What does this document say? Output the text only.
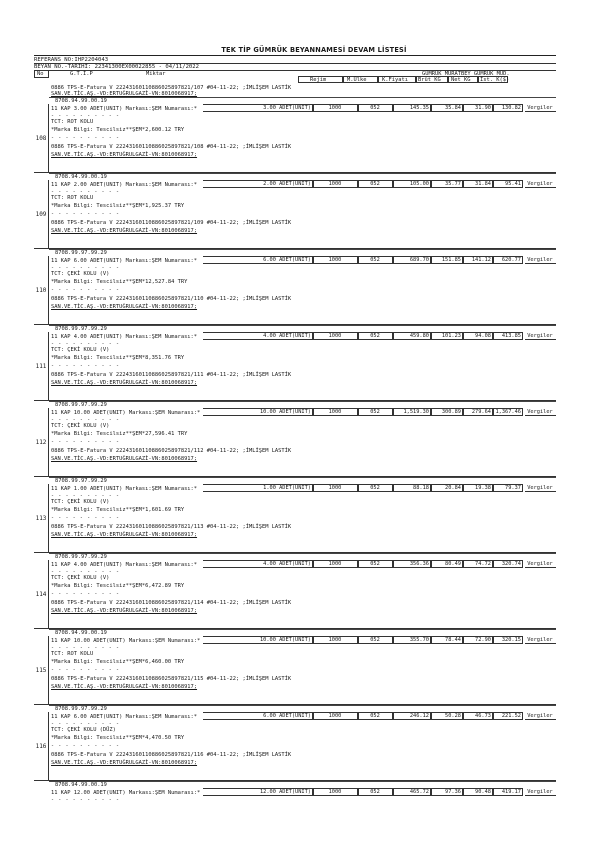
TEK TİP GÜMRÜK BEYANNAMESİ DEVAM LİSTESİ
REFERANS NO:IHP2204043
BEYAN NO.-TARİHİ: 22341300EX00022855 - 04/11/2022
No	G.T.İ.P	Miktar	GÜMRÜK_MURATBEY GÜMRÜK MÜD.
Rejim	M.Ülke	K.Fiyatı Brüt KG Net KG İst. K($)
0886 TPS-E-Fatura V 22243160110886025897821/107 #04-11-22; ;İMLİŞEM LASTİK
SAN.VE.TİC.AŞ.-VD:ERTUĞRULGAZİ-VN:8010068917;
8708.94.99.00.19
3.00 ADET(UNIT)	1000	052	145.35	35.84	31.90	130.82	Vergiler
108
11 KAP 3.00 ADET(UNIT) Markası:ŞEM Numarası:*
- - - - - - - - - -
TCT: ROT KOLU
*Marka Bilgi: Tescilsiz**ŞEM*2,600.12 TRY
- - - - - - - - - -
0886 TPS-E-Fatura V 22243160110886025897821/108 #04-11-22; ;İMLİŞEM LASTİK
SAN.VE.TİC.AŞ.-VD:ERTUĞRULGAZİ-VN:8010068917;
8708.94.99.00.19
2.00 ADET(UNIT)	1000	052	105.00	35.77	31.84	95.41	Vergiler
109
11 KAP 2.00 ADET(UNIT) Markası:ŞEM Numarası:*
- - - - - - - - - -
TCT: ROT KOLU
*Marka Bilgi: Tescilsiz**ŞEM*1,925.37 TRY
- - - - - - - - - -
0886 TPS-E-Fatura V 22243160110886025897821/109 #04-11-22; ;İMLİŞEM LASTİK
SAN.VE.TİC.AŞ.-VD:ERTUĞRULGAZİ-VN:8010068917;
8708.99.97.99.29
6.00 ADET(UNIT)	1000	052	689.70	151.85	141.12	620.77	Vergiler
110
11 KAP 6.00 ADET(UNIT) Markası:ŞEM Numarası:*
- - - - - - - - - -
TCT: ÇEKİ KOLU (V)
*Marka Bilgi: Tescilsiz**ŞEM*12,527.84 TRY
- - - - - - - - - -
0886 TPS-E-Fatura V 22243160110886025897821/110 #04-11-22; ;İMLİŞEM LASTİK
SAN.VE.TİC.AŞ.-VD:ERTUĞRULGAZİ-VN:8010068917;
8708.99.97.99.29
4.00 ADET(UNIT)	1000	052	459.80	101.23	94.08	413.85	Vergiler
111
11 KAP 4.00 ADET(UNIT) Markası:ŞEM Numarası:*
- - - - - - - - - -
TCT: ÇEKİ KOLU (V)
*Marka Bilgi: Tescilsiz**ŞEM*8,351.76 TRY
- - - - - - - - - -
0886 TPS-E-Fatura V 22243160110886025897821/111 #04-11-22; ;İMLİŞEM LASTİK
SAN.VE.TİC.AŞ.-VD:ERTUĞRULGAZİ-VN:8010068917;
8708.99.97.99.29
10.00 ADET(UNIT)	1000	052	1,519.30	300.89	279.64 1,367.46	Vergiler
112
11 KAP 10.00 ADET(UNIT) Markası:ŞEM Numarası:*
- - - - - - - - - -
TCT: ÇEKİ KOLU (V)
*Marka Bilgi: Tescilsiz**ŞEM*27,596.41 TRY
- - - - - - - - - -
0886 TPS-E-Fatura V 22243160110886025897821/112 #04-11-22; ;İMLİŞEM LASTİK
SAN.VE.TİC.AŞ.-VD:ERTUĞRULGAZİ-VN:8010068917;
8708.99.97.99.29
1.00 ADET(UNIT)	1000	052	88.18	20.84	19.38	79.37	Vergiler
113
11 KAP 1.00 ADET(UNIT) Markası:ŞEM Numarası:*
- - - - - - - - - -
TCT: ÇEKİ KOLU (V)
*Marka Bilgi: Tescilsiz**ŞEM*1,601.69 TRY
- - - - - - - - - -
0886 TPS-E-Fatura V 22243160110886025897821/113 #04-11-22; ;İMLİŞEM LASTİK
SAN.VE.TİC.AŞ.-VD:ERTUĞRULGAZİ-VN:8010068917;
8708.99.97.99.29
4.00 ADET(UNIT)	1000	052	356.36	80.49	74.72	320.74	Vergiler
114
11 KAP 4.00 ADET(UNIT) Markası:ŞEM Numarası:*
- - - - - - - - - -
TCT: ÇEKİ KOLU (V)
*Marka Bilgi: Tescilsiz**ŞEM*6,472.89 TRY
- - - - - - - - - -
0886 TPS-E-Fatura V 22243160110886025897821/114 #04-11-22; ;İMLİŞEM LASTİK
SAN.VE.TİC.AŞ.-VD:ERTUĞRULGAZİ-VN:8010068917;
8708.94.99.00.19
10.00 ADET(UNIT)	1000	052	355.70	78.44	72.90	320.15	Vergiler
115
11 KAP 10.00 ADET(UNIT) Markası:ŞEM Numarası:*
- - - - - - - - - -
TCT: ROT KOLU
*Marka Bilgi: Tescilsiz**ŞEM*6,460.00 TRY
- - - - - - - - - -
0886 TPS-E-Fatura V 22243160110886025897821/115 #04-11-22; ;İMLİŞEM LASTİK
SAN.VE.TİC.AŞ.-VD:ERTUĞRULGAZİ-VN:8010068917;
8708.99.97.99.29
6.00 ADET(UNIT)	1000	052	246.12	50.28	46.73	221.52	Vergiler
116
11 KAP 6.00 ADET(UNIT) Markası:ŞEM Numarası:*
- - - - - - - - - -
TCT: ÇEKİ KOLU (DÜZ)
*Marka Bilgi: Tescilsiz**ŞEM*4,470.50 TRY
- - - - - - - - - -
0886 TPS-E-Fatura V 22243160110886025897821/116 #04-11-22; ;İMLİŞEM LASTİK
SAN.VE.TİC.AŞ.-VD:ERTUĞRULGAZİ-VN:8010068917;
8708.94.99.00.19
12.00 ADET(UNIT)	1000	052	465.72	97.36	90.48	419.17	Vergiler
11 KAP 12.00 ADET(UNIT) Markası:ŞEM Numarası:*
- - - - - - - - - -
